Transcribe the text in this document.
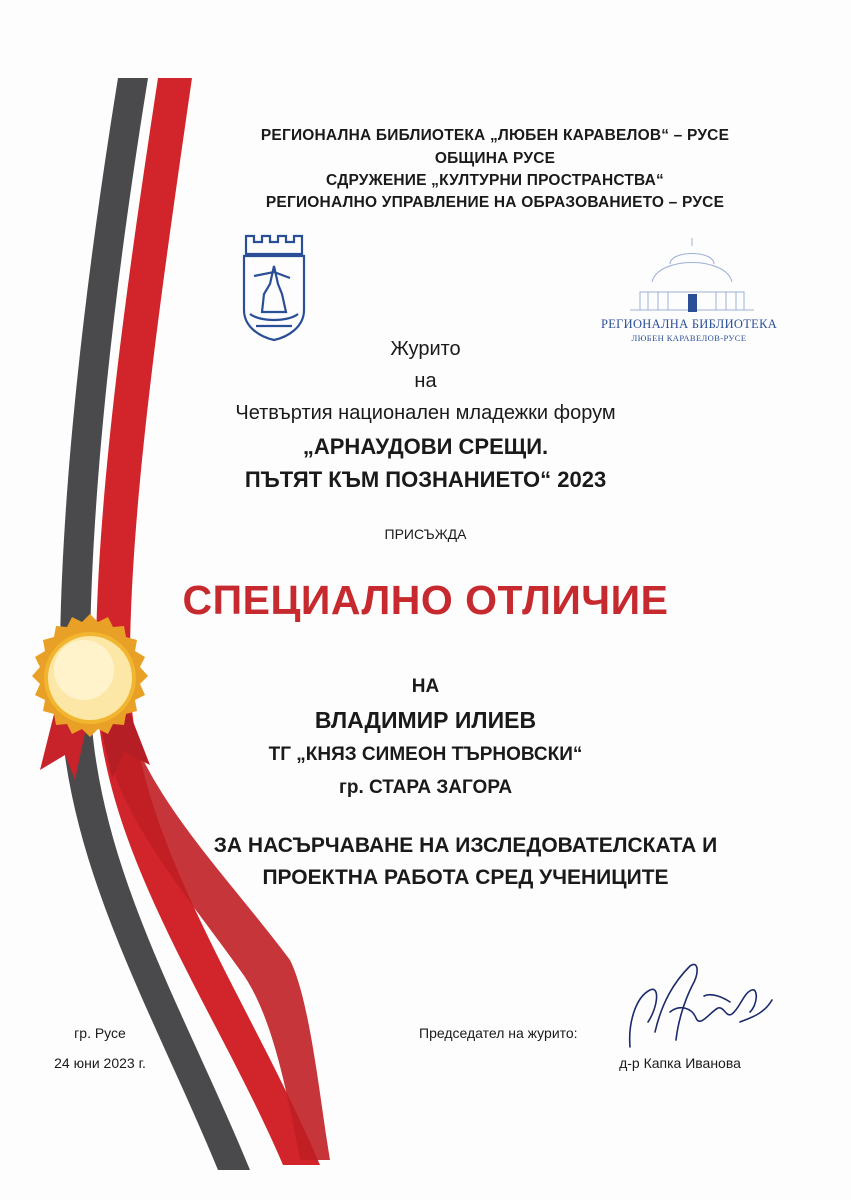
РЕГИОНАЛНА БИБЛИОТЕКА „ЛЮБЕН КАРАВЕЛОВ“ – РУСЕ
ОБЩИНА РУСЕ
СДРУЖЕНИЕ „КУЛТУРНИ ПРОСТРАНСТВА“
РЕГИОНАЛНО УПРАВЛЕНИЕ НА ОБРАЗОВАНИЕТО – РУСЕ
РЕГИОНАЛНА БИБЛИОТЕКА
ЛЮБЕН КАРАВЕЛОВ-РУСЕ
Журито
на
Четвъртия национален младежки форум
„АРНАУДОВИ СРЕЩИ.
ПЪТЯТ КЪМ ПОЗНАНИЕТО“ 2023
ПРИСЪЖДА
СПЕЦИАЛНО ОТЛИЧИЕ
НА
ВЛАДИМИР ИЛИЕВ
ТГ „КНЯЗ СИМЕОН ТЪРНОВСКИ“
гр. СТАРА ЗАГОРА
ЗА НАСЪРЧАВАНЕ НА ИЗСЛЕДОВАТЕЛСКАТА И
ПРОЕКТНА РАБОТА СРЕД УЧЕНИЦИТЕ
гр. Русе
24 юни 2023 г.
Председател на журито:
д-р Капка Иванова
